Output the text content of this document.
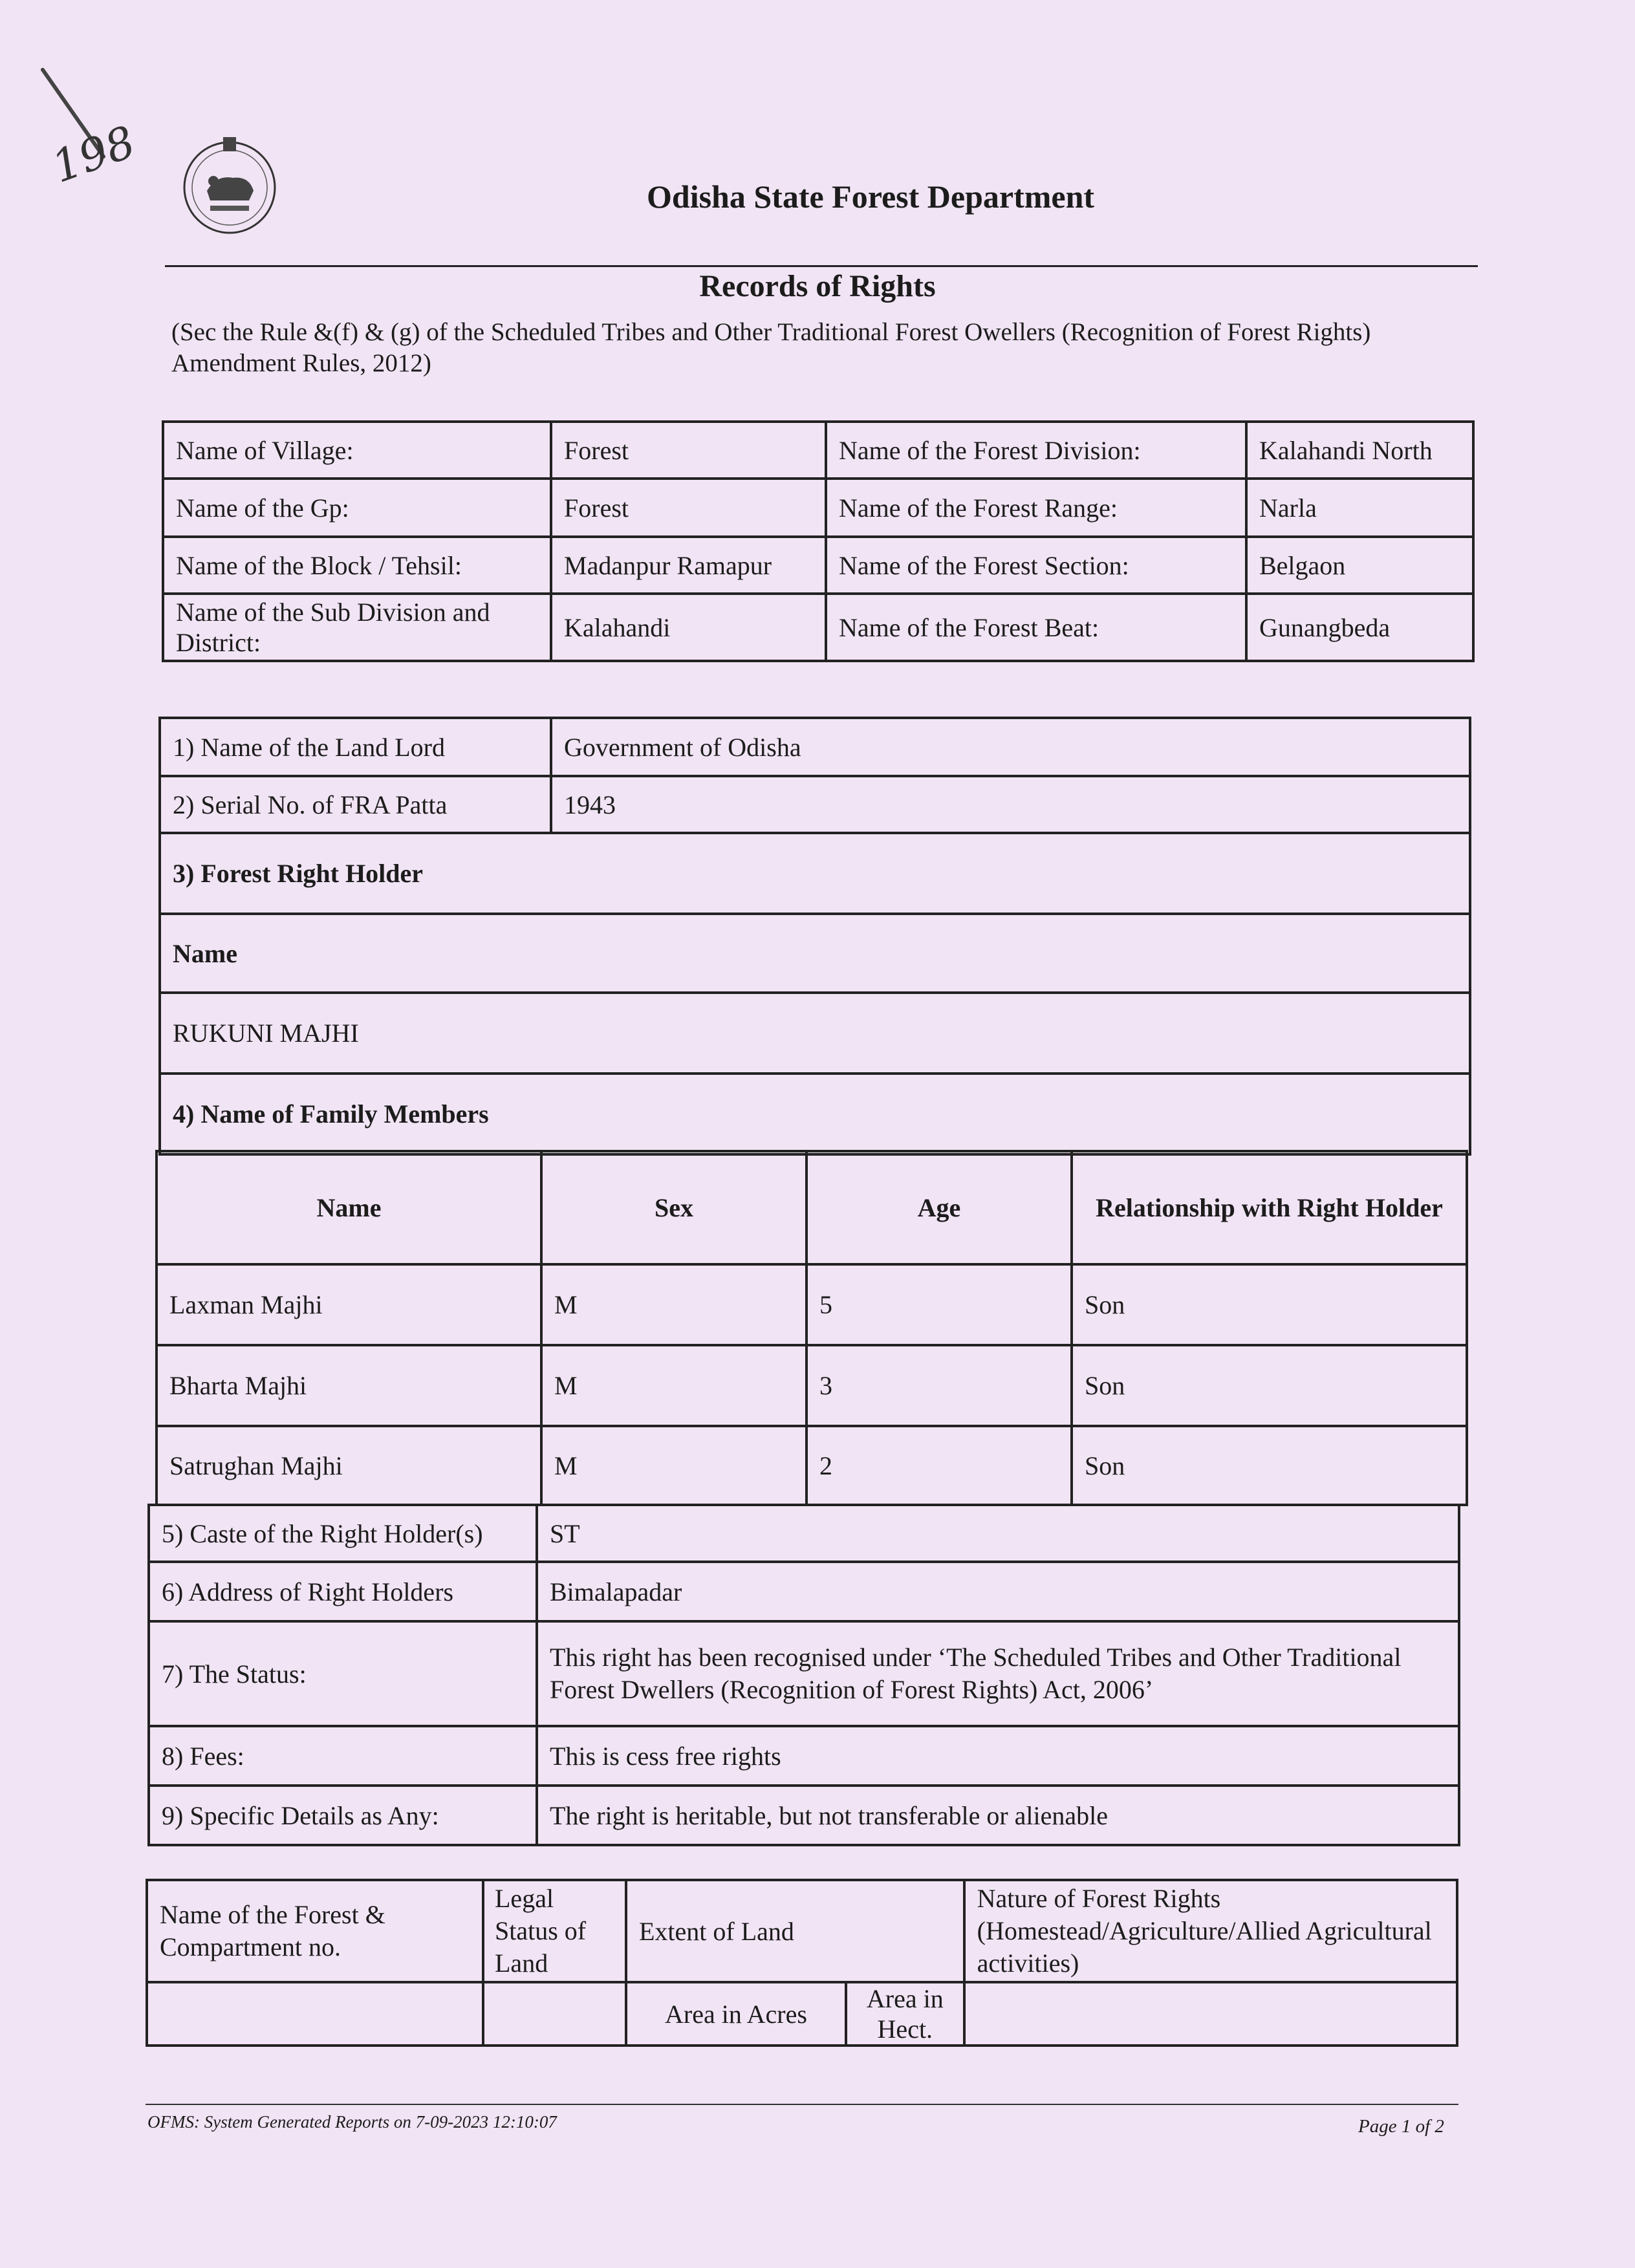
198
Odisha State Forest Department
Records of Rights
(Sec the Rule &(f) & (g) of the Scheduled Tribes and Other Traditional Forest Owellers (Recognition of Forest Rights) Amendment Rules, 2012)
Name of Village:	Forest	Name of the Forest Division:	Kalahandi North
Name of the Gp:	Forest	Name of the Forest Range:	Narla
Name of the Block / Tehsil:	Madanpur Ramapur	Name of the Forest Section:	Belgaon
Name of the Sub Division and District:	Kalahandi	Name of the Forest Beat:	Gunangbeda
1) Name of the Land Lord	Government of Odisha
2) Serial No. of FRA Patta	1943
3) Forest Right Holder	
Name	
RUKUNI MAJHI	
4) Name of Family Members	
Name	Sex	Age	Relationship with Right Holder
Laxman Majhi	M	5	Son
Bharta Majhi	M	3	Son
Satrughan Majhi	M	2	Son
5) Caste of the Right Holder(s)	ST
6) Address of Right Holders	Bimalapadar
7) The Status:	This right has been recognised under ‘The Scheduled Tribes and Other Traditional
Forest Dwellers (Recognition of Forest Rights) Act, 2006’

8) Fees:	This is cess free rights
9) Specific Details as Any:	The right is heritable, but not transferable or alienable
Name of the Forest & Compartment no.	Legal Status of Land	Extent of Land		Nature of Forest Rights (Homestead/Agriculture/Allied Agricultural activities)
		Area in Acres	Area in Hect.	
OFMS: System Generated Reports on 7-09-2023 12:10:07	Page 1 of 2
